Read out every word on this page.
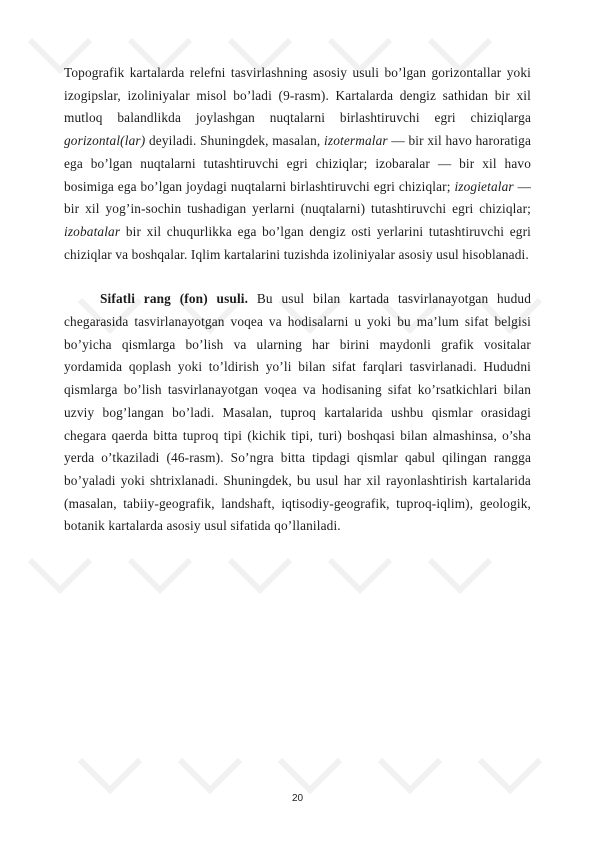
Topografik kartalarda relefni tasvirlashning asosiy usuli bo’lgan gorizontallar yoki izogipslar, izoliniyalar misol bo’ladi (9-rasm). Kartalarda dengiz sathidan bir xil mutloq balandlikda joylashgan nuqtalarni birlashtiruvchi egri chiziqlarga gorizontal(lar) deyiladi. Shuningdek, masalan, izotermalar — bir xil havo haroratiga ega bo’lgan nuqtalarni tutashtiruvchi egri chiziqlar; izobaralar — bir xil havo bosimiga ega bo’lgan joydagi nuqtalarni birlashtiruvchi egri chiziqlar; izogietalar — bir xil yog’in-sochin tushadigan yerlarni (nuqtalarni) tutashtiruvchi egri chiziqlar; izobatalar bir xil chuqurlikka ega bo’lgan dengiz osti yerlarini tutashtiruvchi egri chiziqlar va boshqalar. Iqlim kartalarini tuzishda izoliniyalar asosiy usul hisoblanadi.

Sifatli rang (fon) usuli. Bu usul bilan kartada tasvirlanayotgan hudud chegarasida tasvirlanayotgan voqea va hodisalarni u yoki bu ma’lum sifat belgisi bo’yicha qismlarga bo’lish va ularning har birini maydonli grafik vositalar yordamida qoplash yoki to’ldirish yo’li bilan sifat farqlari tasvirlanadi. Hududni qismlarga bo’lish tasvirlanayotgan voqea va hodisaning sifat ko’rsatkichlari bilan uzviy bog’langan bo’ladi. Masalan, tuproq kartalarida ushbu qismlar orasidagi chegara qaerda bitta tuproq tipi (kichik tipi, turi) boshqasi bilan almashinsa, o’sha yerda o’tkaziladi (46-rasm). So’ngra bitta tipdagi qismlar qabul qilingan rangga bo’yaladi yoki shtrixlanadi. Shuningdek, bu usul har xil rayonlashtirish kartalarida (masalan, tabiiy-geografik, landshaft, iqtisodiy-geografik, tuproq-iqlim), geologik, botanik kartalarda asosiy usul sifatida qo’llaniladi.

20
